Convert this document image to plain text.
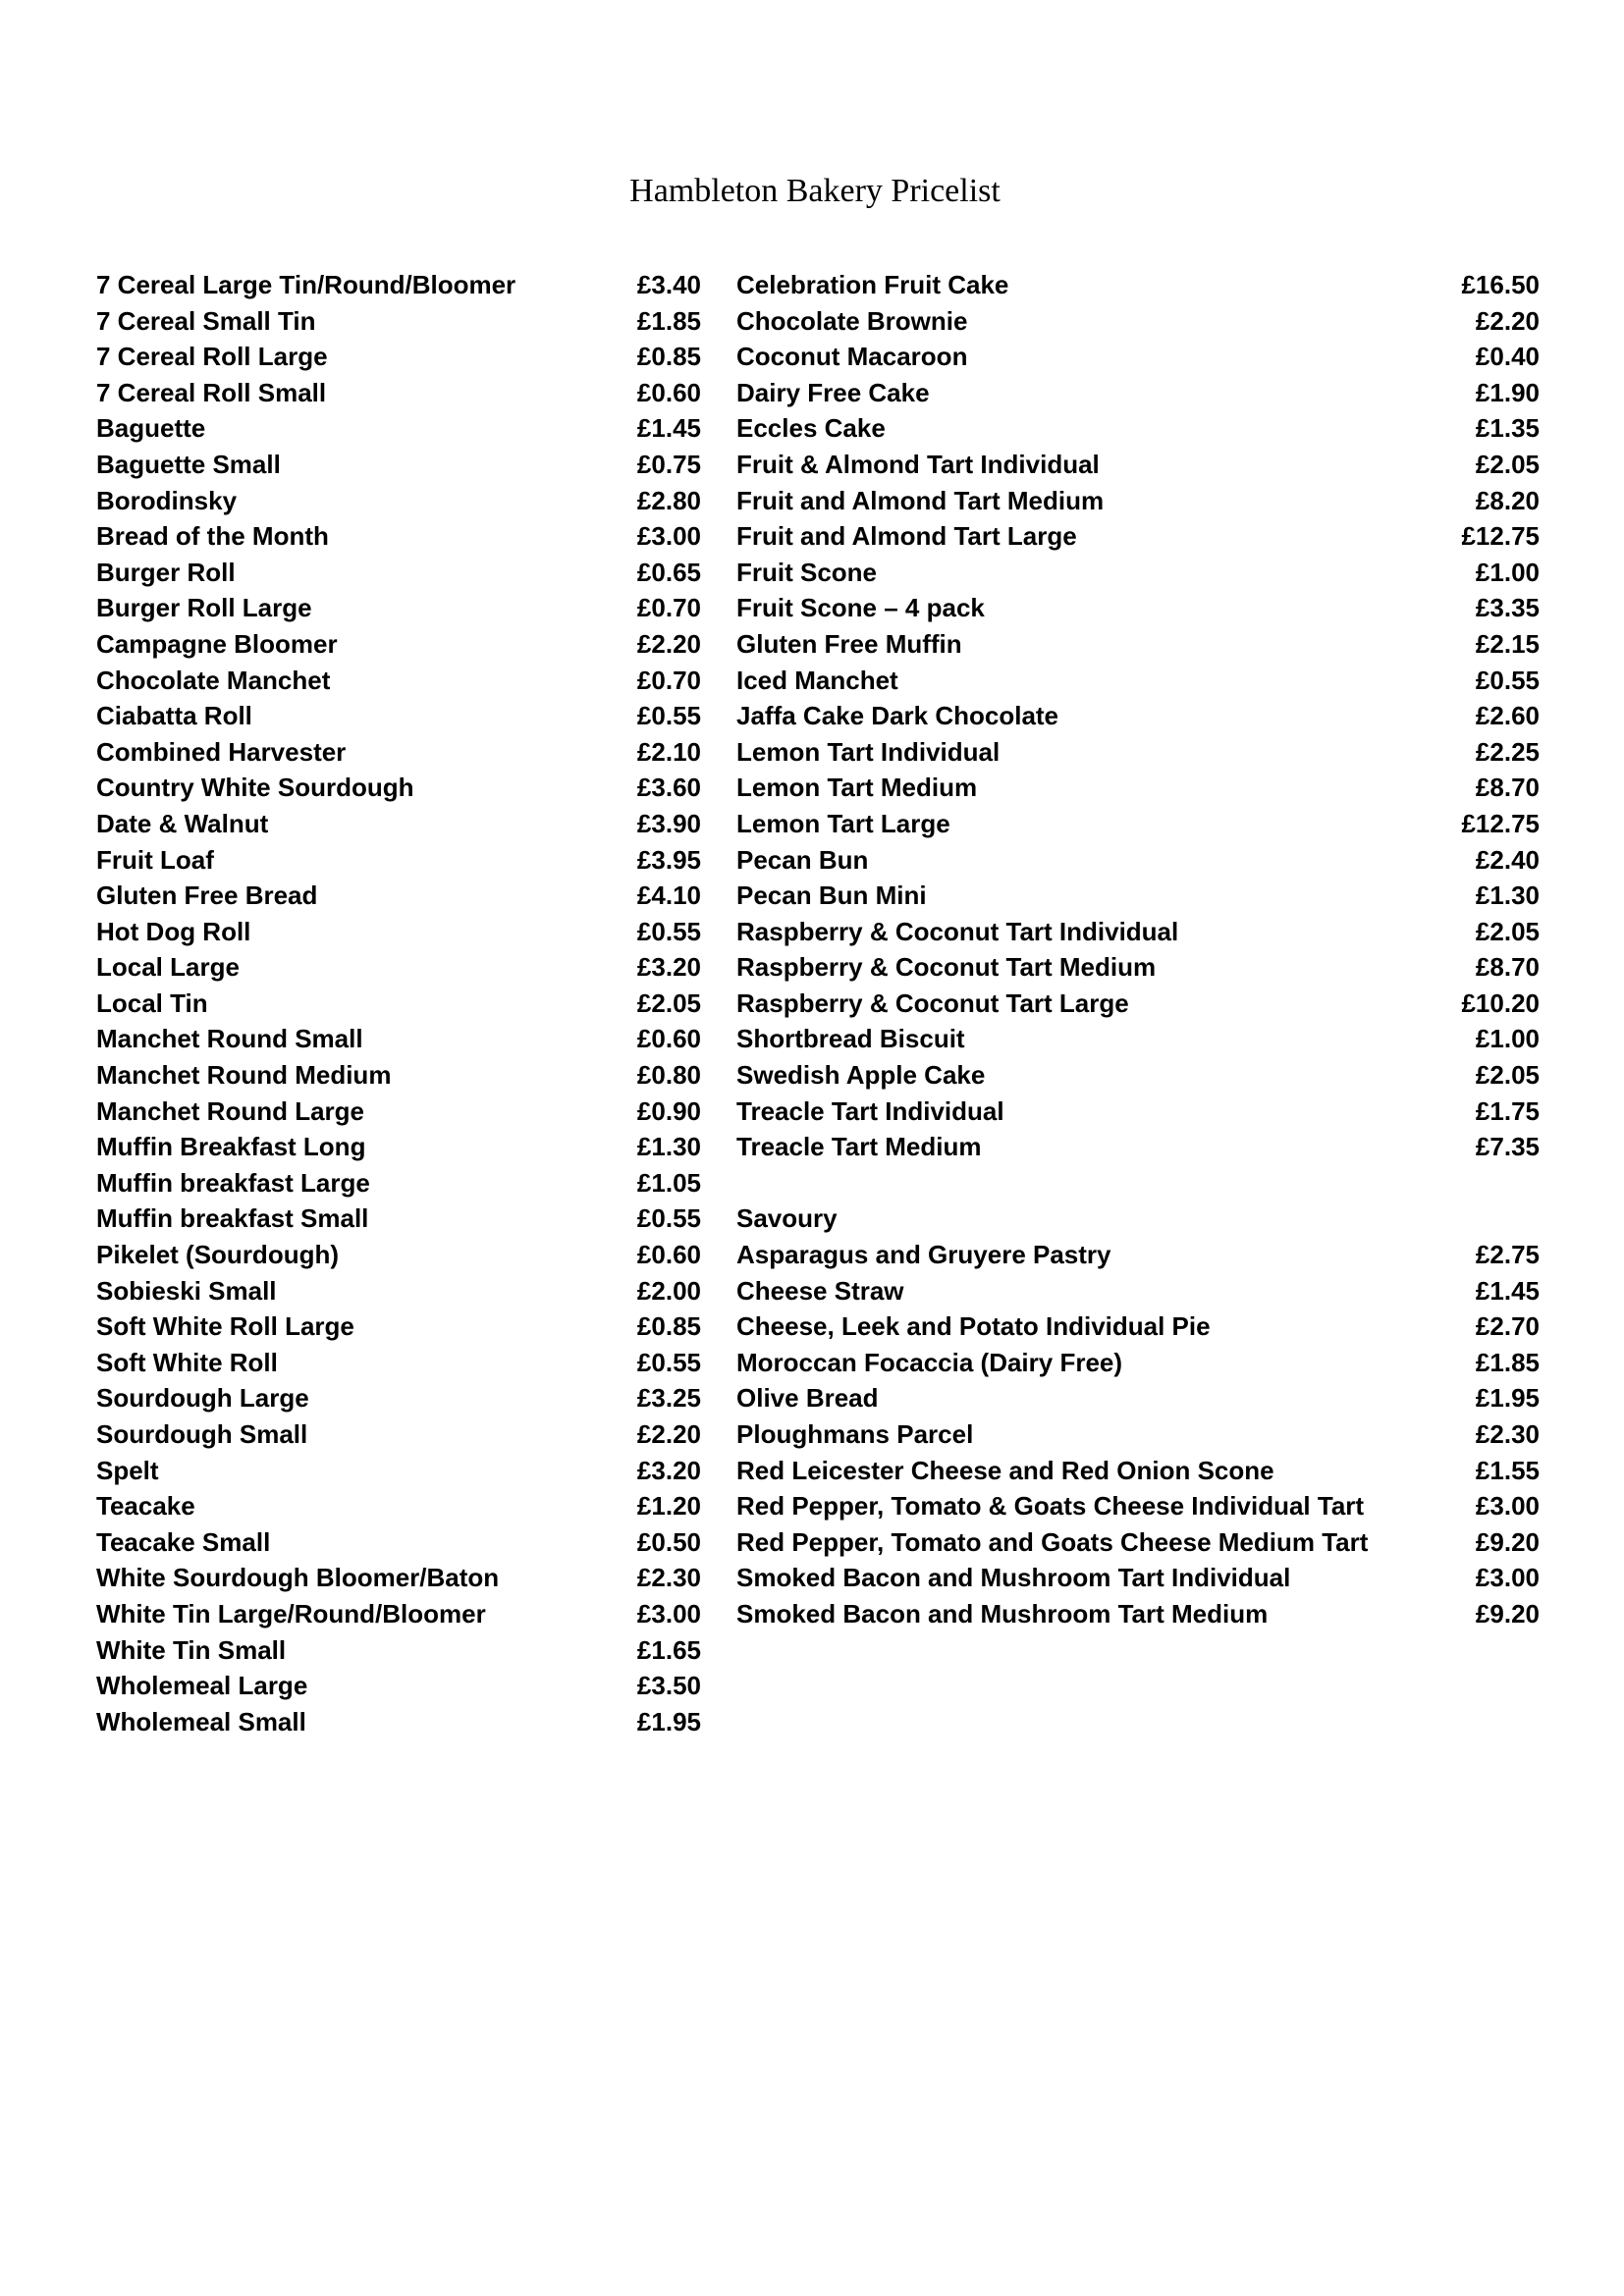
Hambleton Bakery Pricelist
7 Cereal Large Tin/Round/Bloomer	£3.40
7 Cereal Small Tin	£1.85
7 Cereal Roll Large	£0.85
7 Cereal Roll Small	£0.60
Baguette	£1.45
Baguette Small	£0.75
Borodinsky	£2.80
Bread of the Month	£3.00
Burger Roll	£0.65
Burger Roll Large	£0.70
Campagne Bloomer	£2.20
Chocolate Manchet	£0.70
Ciabatta Roll	£0.55
Combined Harvester	£2.10
Country White Sourdough	£3.60
Date & Walnut	£3.90
Fruit Loaf	£3.95
Gluten Free Bread	£4.10
Hot Dog Roll	£0.55
Local Large	£3.20
Local Tin	£2.05
Manchet Round Small	£0.60
Manchet Round Medium	£0.80
Manchet Round Large	£0.90
Muffin Breakfast Long	£1.30
Muffin breakfast Large	£1.05
Muffin breakfast Small	£0.55
Pikelet (Sourdough)	£0.60
Sobieski Small	£2.00
Soft White Roll Large	£0.85
Soft White Roll	£0.55
Sourdough Large	£3.25
Sourdough Small	£2.20
Spelt	£3.20
Teacake	£1.20
Teacake Small	£0.50
White Sourdough Bloomer/Baton	£2.30
White Tin Large/Round/Bloomer	£3.00
White Tin Small	£1.65
Wholemeal Large	£3.50
Wholemeal Small	£1.95
Celebration Fruit Cake	£16.50
Chocolate Brownie	£2.20
Coconut Macaroon	£0.40
Dairy Free Cake	£1.90
Eccles Cake	£1.35
Fruit & Almond Tart Individual	£2.05
Fruit and Almond Tart Medium	£8.20
Fruit and Almond Tart Large	£12.75
Fruit Scone	£1.00
Fruit Scone – 4 pack	£3.35
Gluten Free Muffin	£2.15
Iced Manchet	£0.55
Jaffa Cake Dark Chocolate	£2.60
Lemon Tart Individual	£2.25
Lemon Tart Medium	£8.70
Lemon Tart Large	£12.75
Pecan Bun	£2.40
Pecan Bun Mini	£1.30
Raspberry & Coconut Tart Individual	£2.05
Raspberry & Coconut Tart Medium	£8.70
Raspberry & Coconut Tart Large	£10.20
Shortbread Biscuit	£1.00
Swedish Apple Cake	£2.05
Treacle Tart Individual	£1.75
Treacle Tart Medium	£7.35
Savoury
Asparagus and Gruyere Pastry	£2.75
Cheese Straw	£1.45
Cheese, Leek and Potato Individual Pie	£2.70
Moroccan Focaccia (Dairy Free)	£1.85
Olive Bread	£1.95
Ploughmans Parcel	£2.30
Red Leicester Cheese and Red Onion Scone	£1.55
Red Pepper, Tomato & Goats Cheese Individual Tart	£3.00
Red Pepper, Tomato and Goats Cheese Medium Tart	£9.20
Smoked Bacon and Mushroom Tart Individual	£3.00
Smoked Bacon and Mushroom Tart Medium	£9.20
